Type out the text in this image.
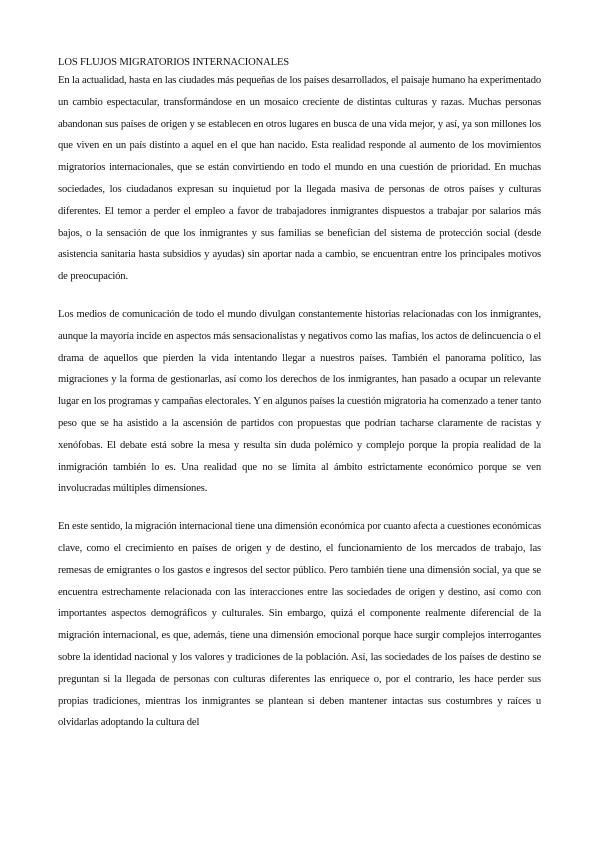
LOS FLUJOS MIGRATORIOS INTERNACIONALES

En la actualidad, hasta en las ciudades más pequeñas de los países desarrollados, el paisaje humano ha experimentado un cambio espectacular, transformándose en un mosaico creciente de distintas culturas y razas. Muchas personas abandonan sus países de origen y se establecen en otros lugares en busca de una vida mejor, y así, ya son millones los que viven en un país distinto a aquel en el que han nacido. Esta realidad responde al aumento de los movimientos migratorios internacionales, que se están convirtiendo en todo el mundo en una cuestión de prioridad. En muchas sociedades, los ciudadanos expresan su inquietud por la llegada masiva de personas de otros países y culturas diferentes. El temor a perder el empleo a favor de trabajadores inmigrantes dispuestos a trabajar por salarios más bajos, o la sensación de que los inmigrantes y sus familias se benefician del sistema de protección social (desde asistencia sanitaria hasta subsidios y ayudas) sin aportar nada a cambio, se encuentran entre los principales motivos de preocupación.

Los medios de comunicación de todo el mundo divulgan constantemente historias relacionadas con los inmigrantes, aunque la mayoría incide en aspectos más sensacionalistas y negativos como las mafias, los actos de delincuencia o el drama de aquellos que pierden la vida intentando llegar a nuestros países. También el panorama político, las migraciones y la forma de gestionarlas, así como los derechos de los inmigrantes, han pasado a ocupar un relevante lugar en los programas y campañas electorales. Y en algunos países la cuestión migratoria ha comenzado a tener tanto peso que se ha asistido a la ascensión de partidos con propuestas que podrían tacharse claramente de racistas y xenófobas. El debate está sobre la mesa y resulta sin duda polémico y complejo porque la propia realidad de la inmigración también lo es. Una realidad que no se limita al ámbito estrictamente económico porque se ven involucradas múltiples dimensiones.

En este sentido, la migración internacional tiene una dimensión económica por cuanto afecta a cuestiones económicas clave, como el crecimiento en países de origen y de destino, el funcionamiento de los mercados de trabajo, las remesas de emigrantes o los gastos e ingresos del sector público. Pero también tiene una dimensión social, ya que se encuentra estrechamente relacionada con las interacciones entre las sociedades de origen y destino, así como con importantes aspectos demográficos y culturales. Sin embargo, quizá el componente realmente diferencial de la migración internacional, es que, además, tiene una dimensión emocional porque hace surgir complejos interrogantes sobre la identidad nacional y los valores y tradiciones de la población. Así, las sociedades de los países de destino se preguntan si la llegada de personas con culturas diferentes las enriquece o, por el contrario, les hace perder sus propias tradiciones, mientras los inmigrantes se plantean si deben mantener intactas sus costumbres y raíces u olvidarlas adoptando la cultura del
